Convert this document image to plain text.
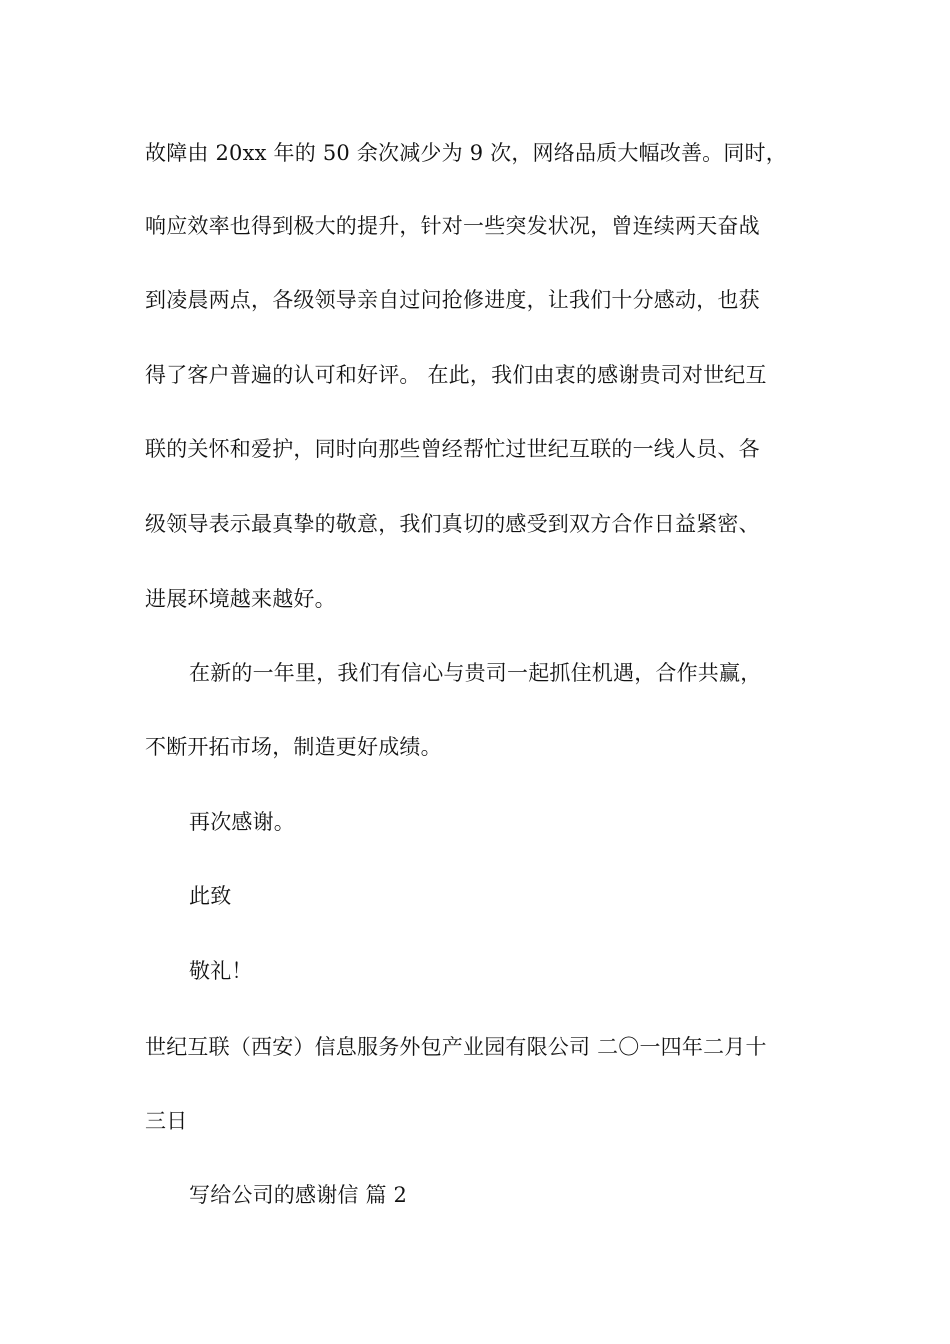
故障由 20xx 年的 50 余次减少为 9 次，网络品质大幅改善。同时，
响应效率也得到极大的提升，针对一些突发状况，曾连续两天奋战
到凌晨两点，各级领导亲自过问抢修进度，让我们十分感动，也获
得了客户普遍的认可和好评。 在此，我们由衷的感谢贵司对世纪互
联的关怀和爱护，同时向那些曾经帮忙过世纪互联的一线人员、各
级领导表示最真挚的敬意，我们真切的感受到双方合作日益紧密、
进展环境越来越好。
在新的一年里，我们有信心与贵司一起抓住机遇，合作共赢，
不断开拓市场，制造更好成绩。
再次感谢。
此致
敬礼！
世纪互联（西安）信息服务外包产业园有限公司 二〇一四年二月十
三日
写给公司的感谢信 篇 2
